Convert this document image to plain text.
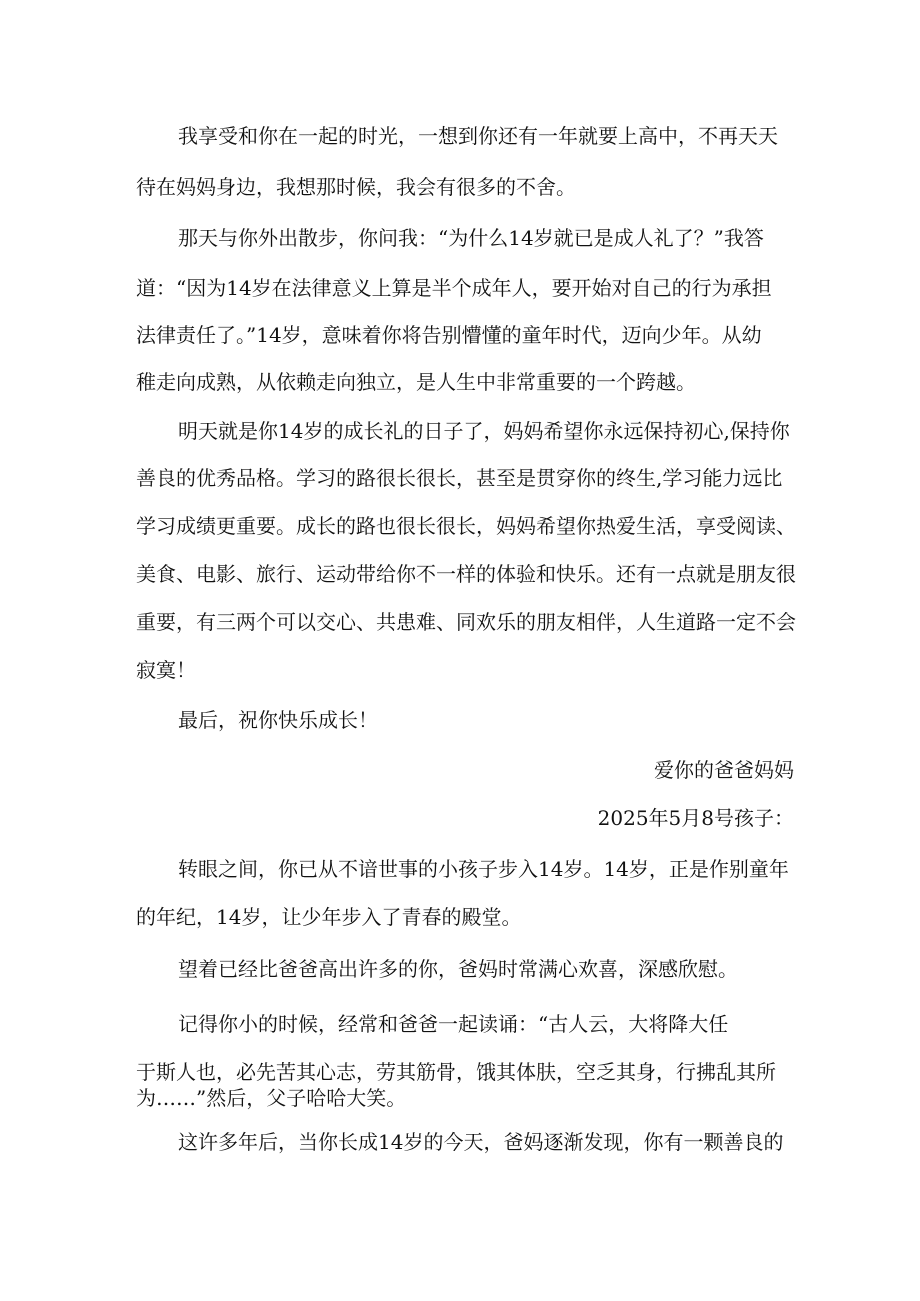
我享受和你在一起的时光，一想到你还有一年就要上高中，不再天天
待在妈妈身边，我想那时候，我会有很多的不舍。
那天与你外出散步，你问我：“为什么14岁就已是成人礼了？”我答
道：“因为14岁在法律意义上算是半个成年人，要开始对自己的行为承担
法律责任了。”14岁，意味着你将告别懵懂的童年时代，迈向少年。从幼
稚走向成熟，从依赖走向独立，是人生中非常重要的一个跨越。
明天就是你14岁的成长礼的日子了，妈妈希望你永远保持初心,保持你
善良的优秀品格。学习的路很长很长，甚至是贯穿你的终生,学习能力远比
学习成绩更重要。成长的路也很长很长，妈妈希望你热爱生活，享受阅读、
美食、电影、旅行、运动带给你不一样的体验和快乐。还有一点就是朋友很
重要，有三两个可以交心、共患难、同欢乐的朋友相伴，人生道路一定不会
寂寞！
最后，祝你快乐成长！
爱你的爸爸妈妈
2025年5月8号孩子：
转眼之间，你已从不谙世事的小孩子步入14岁。14岁，正是作别童年
的年纪，14岁，让少年步入了青春的殿堂。
望着已经比爸爸高出许多的你，爸妈时常满心欢喜，深感欣慰。
记得你小的时候，经常和爸爸一起读诵：“古人云，大将降大任
于斯人也，必先苦其心志，劳其筋骨，饿其体肤，空乏其身，行拂乱其所
为……”然后，父子哈哈大笑。
这许多年后，当你长成14岁的今天，爸妈逐渐发现，你有一颗善良的
